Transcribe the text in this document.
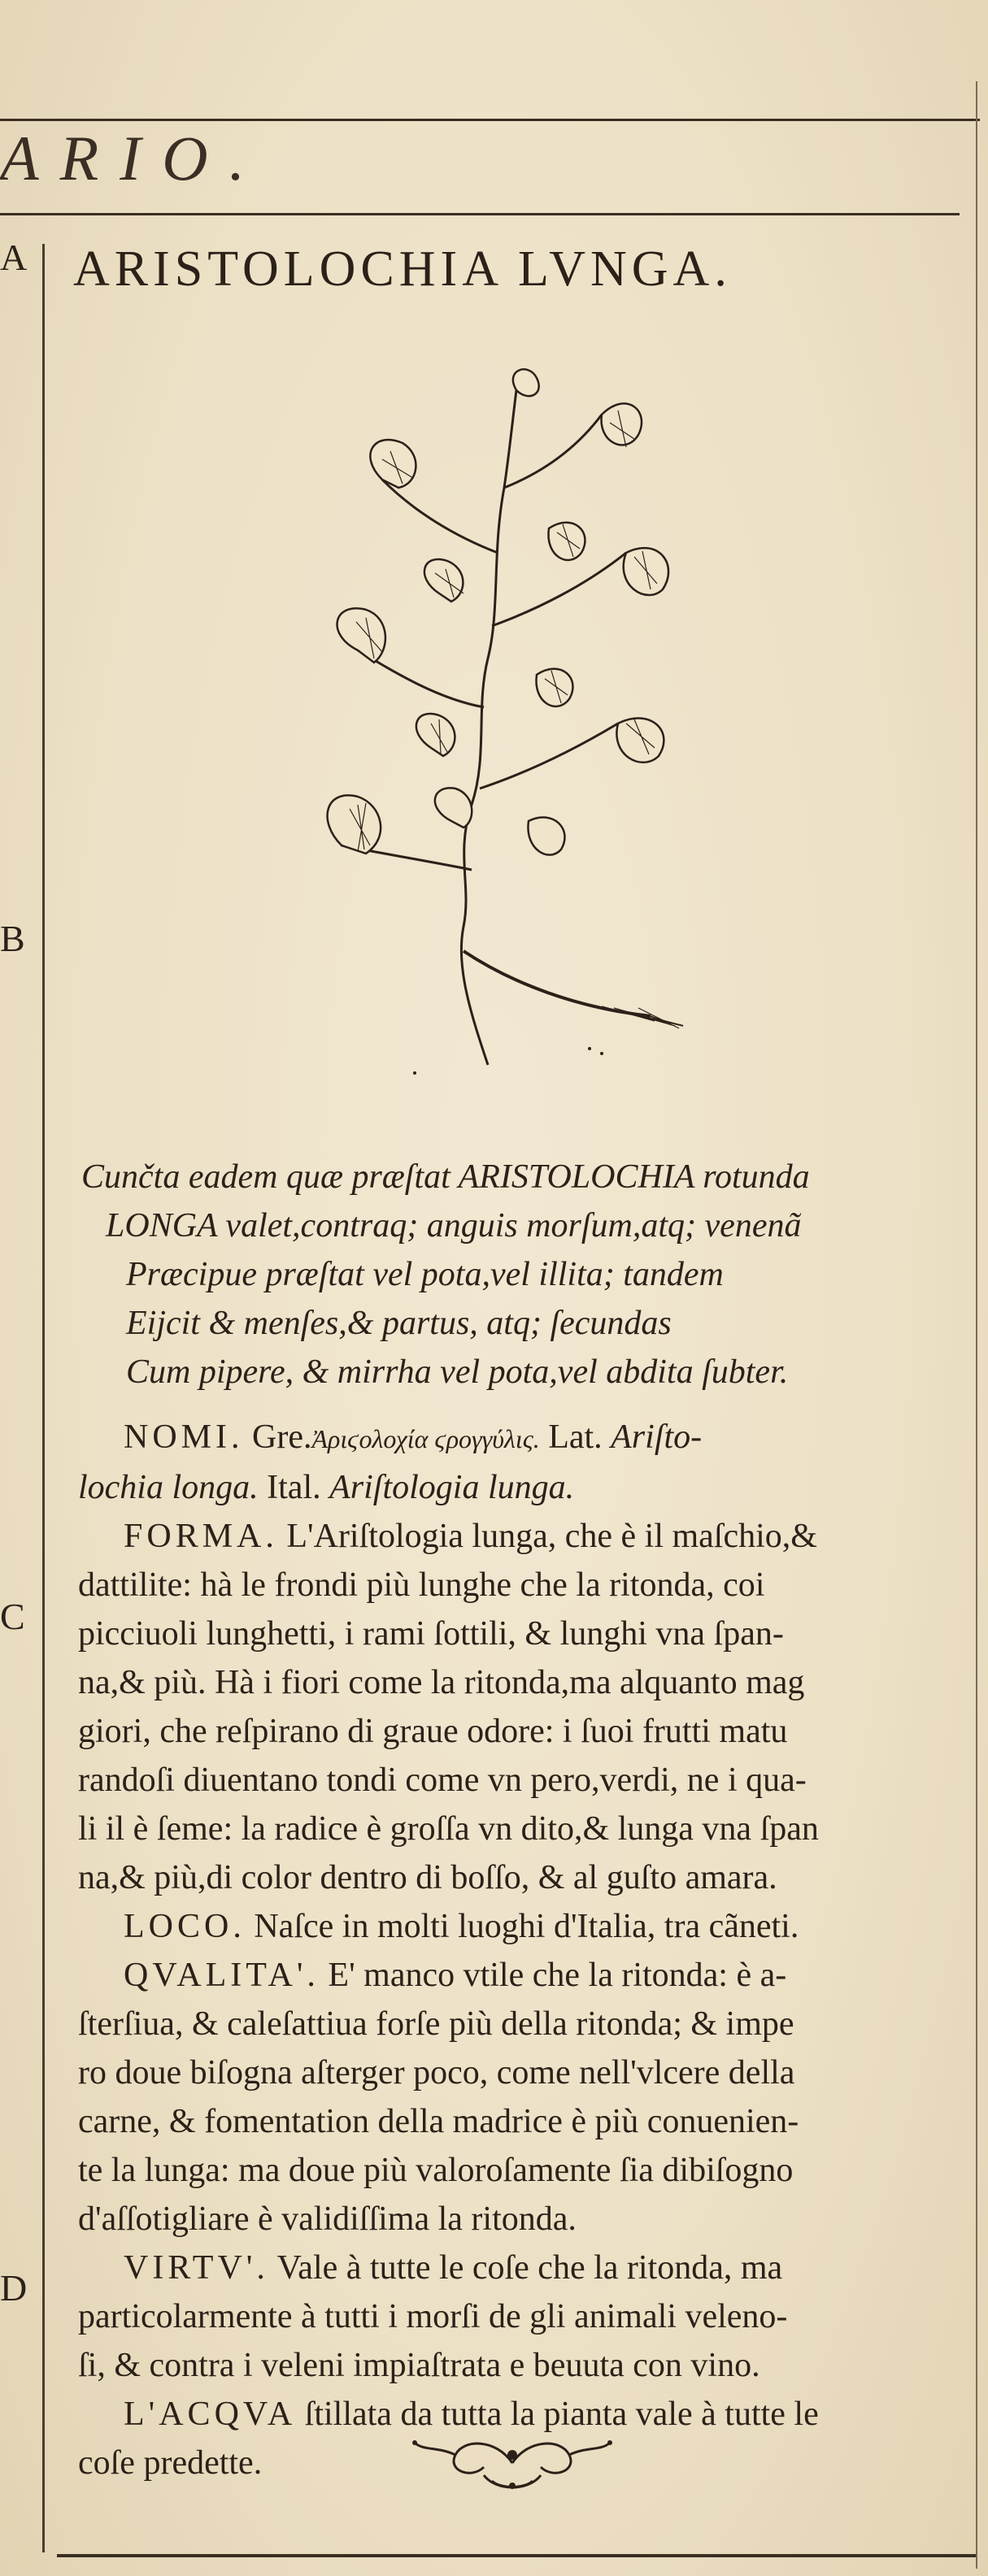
ARIO.
A
B
C
D
ARISTOLOCHIA LVNGA.
Cunčta eadem quæ præſtat ARISTOLOCHIA rotunda
LONGA valet,contraq; anguis morſum,atq; venenã
Præcipue præſtat vel pota,vel illita; tandem
Eijcit & menſes,& partus, atq; ſecundas
Cum pipere, & mirrha vel pota,vel abdita ſubter.
NOMI. Gre.Ἀριϛολοχία ϛρογγύλις. Lat. Ariſto-
lochia longa. Ital. Ariſtologia lunga.
FORMA. L'Ariſtologia lunga, che è il maſchio,&
dattilite: hà le frondi più lunghe che la ritonda, coi
picciuoli lunghetti, i rami ſottili, & lunghi vna ſpan-
na,& più. Hà i fiori come la ritonda,ma alquanto mag
giori, che reſpirano di graue odore: i ſuoi frutti matu
randoſi diuentano tondi come vn pero,verdi, ne i qua-
li il è ſeme: la radice è groſſa vn dito,& lunga vna ſpan
na,& più,di color dentro di boſſo, & al guſto amara.
LOCO. Naſce in molti luoghi d'Italia, tra cãneti.
QVALITA'. E' manco vtile che la ritonda: è a-
ſterſiua, & caleſattiua forſe più della ritonda; & impe
ro doue biſogna aſterger poco, come nell'vlcere della
carne, & fomentation della madrice è più conuenien-
te la lunga: ma doue più valoroſamente ſia dibiſogno
d'aſſotigliare è validiſſima la ritonda.
VIRTV'. Vale à tutte le coſe che la ritonda, ma
particolarmente à tutti i morſi de gli animali veleno-
ſi, & contra i veleni impiaſtrata e beuuta con vino.
L'ACQVA ſtillata da tutta la pianta vale à tutte le
coſe predette.
